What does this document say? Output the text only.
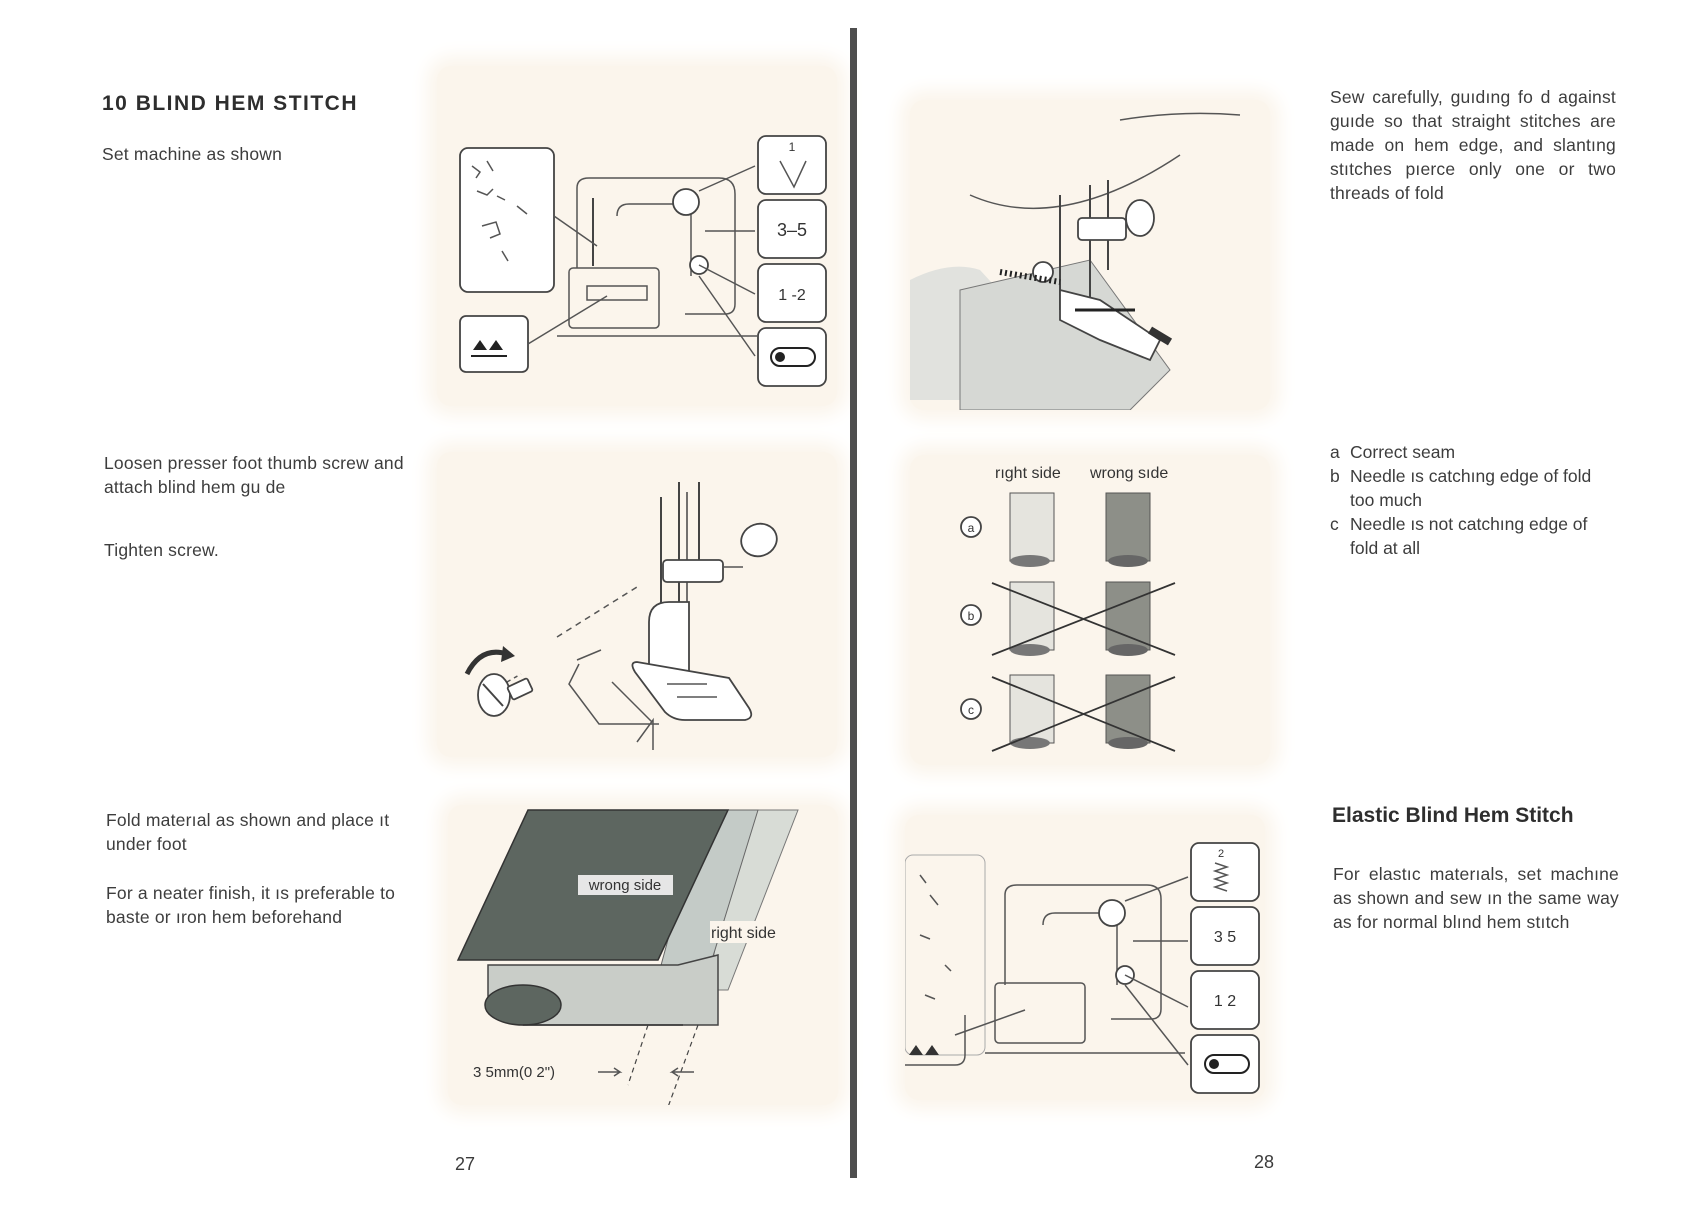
10 BLIND HEM STITCH
Set machine as shown
Loosen presser foot thumb screw and attach blind hem gu de
Tighten screw.
Fold materıal as shown and place ıt under foot
For a neater finish, it ıs preferable to baste or ıron hem beforehand
27
1
3–5
1 -2
wrong side
right side
3 5mm(0 2")
Sew carefully, guıdıng fo d against guıde so that straight stitches are made on hem edge, and slantıng stıtches pıerce only one or two threads of fold
a Correct seam
b Needle ıs catchıng edge of fold too much
c Needle ıs not catchıng edge of fold at all
Elastic Blind Hem Stitch
For elastıc materıals, set machıne as shown and sew ın the same way as for normal blınd hem stıtch
28
rıght side wrong sıde
a
b
c
2
3 5
1 2
